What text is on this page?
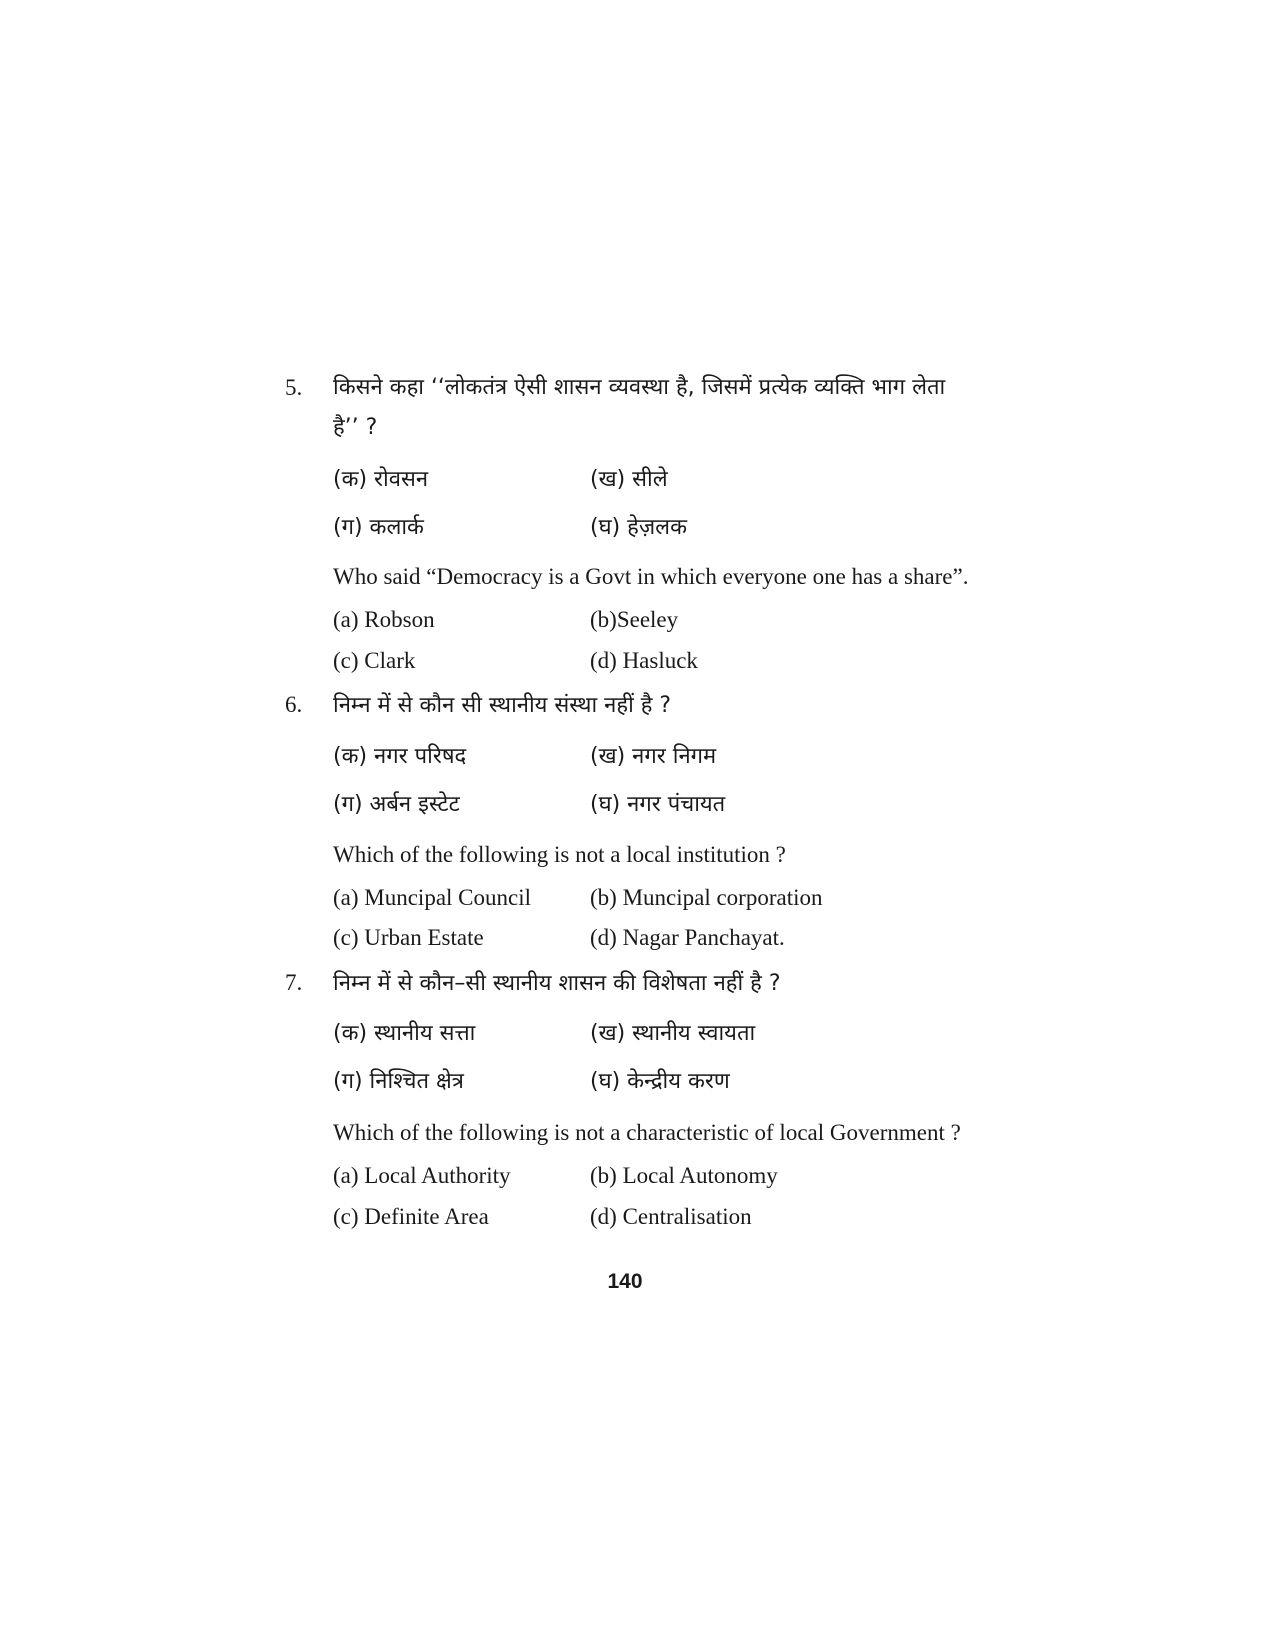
5. किसने कहा ‘‘लोकतंत्र ऐसी शासन व्यवस्था है, जिसमें प्रत्येक व्यक्ति भाग लेता है’’ ?
(क) रोवसन	(ख) सीले
(ग) कलार्क	(घ) हेज़लक
Who said “Democracy is a Govt in which everyone one has a share”.
(a) Robson	(b)Seeley
(c) Clark	(d) Hasluck
6. निम्न में से कौन सी स्थानीय संस्था नहीं है ?
(क) नगर परिषद	(ख) नगर निगम
(ग) अर्बन इस्टेट	(घ) नगर पंचायत
Which of the following is not a local institution ?
(a) Muncipal Council	(b) Muncipal corporation
(c) Urban Estate	(d) Nagar Panchayat.
7. निम्न में से कौन–सी स्थानीय शासन की विशेषता नहीं है ?
(क) स्थानीय सत्ता	(ख) स्थानीय स्वायता
(ग) निश्चित क्षेत्र	(घ) केन्द्रीय करण
Which of the following is not a characteristic of local Government ?
(a) Local Authority	(b) Local Autonomy
(c) Definite Area	(d) Centralisation
140
